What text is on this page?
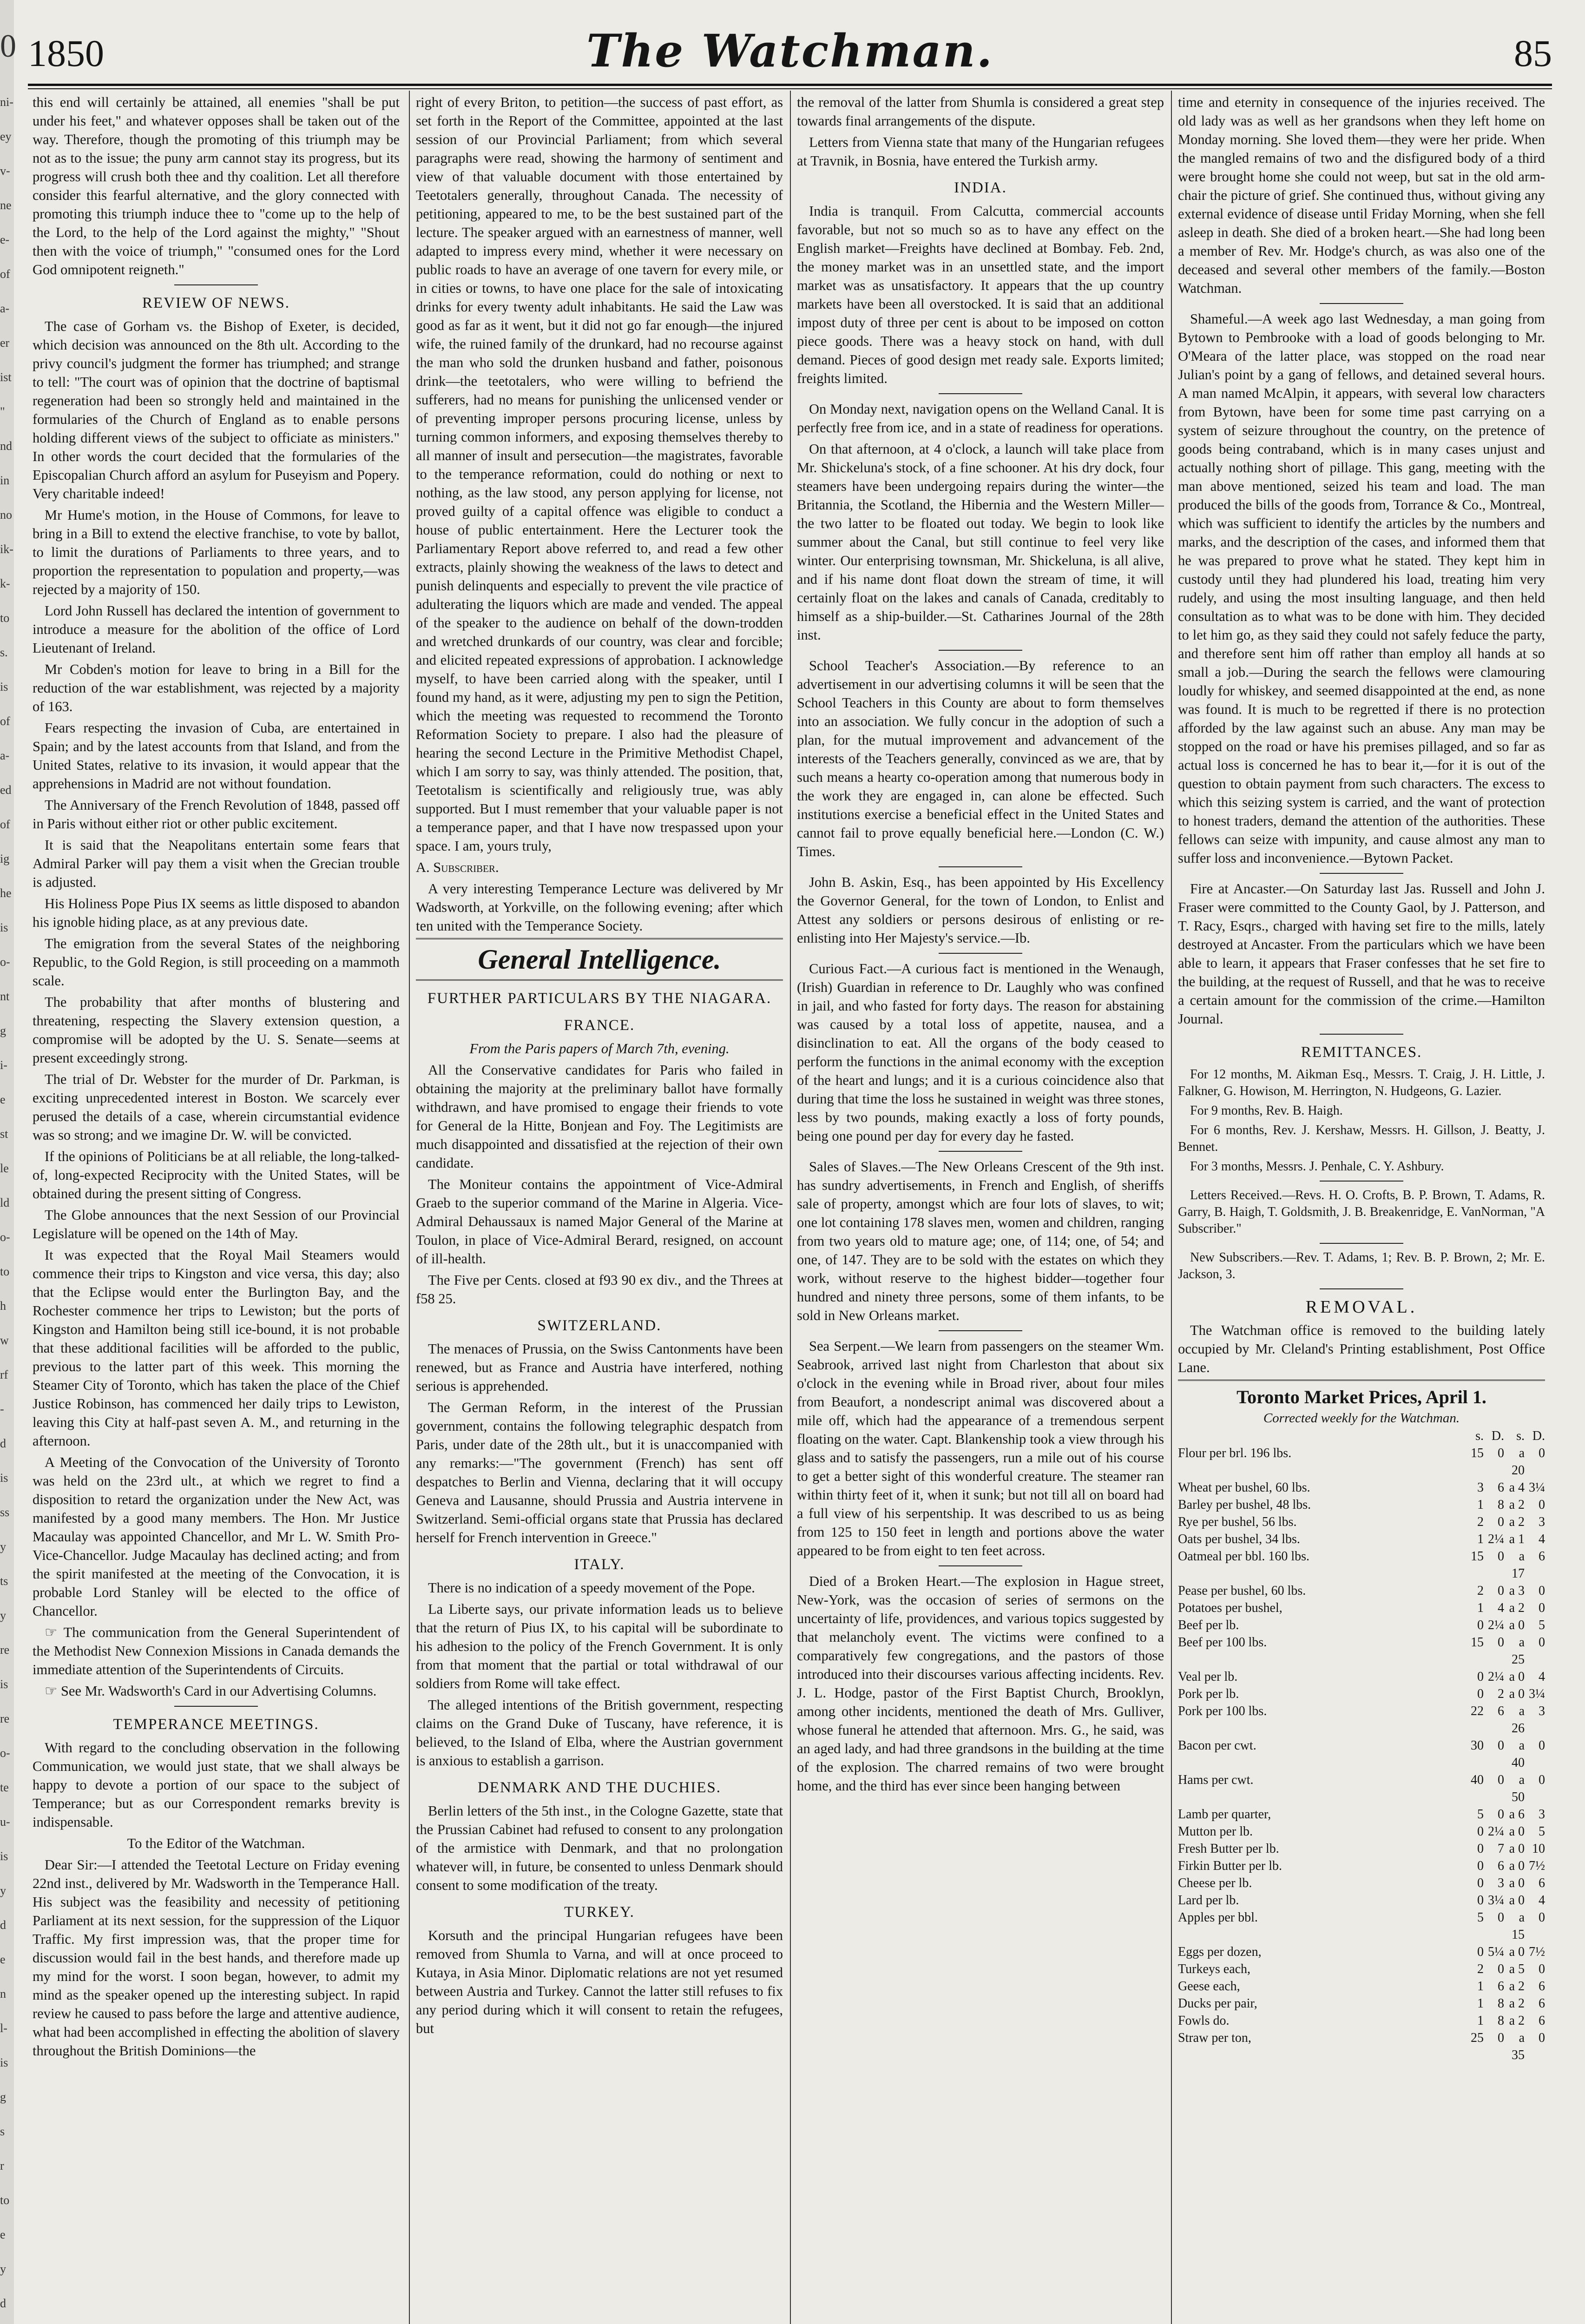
0
ni-
ey
v-
ne
e-
of
a-
er
ist
"
nd
in
no
ik-
k-
to
s.
is
of
a-
ed
of
ig
he
is
o-
nt
g
i-
e
st
le
ld
o-
to
h
w
rf
-
d
is
ss
y
ts
y
re
is
re
o-
te
u-
is
y
d
e
n
l-
is
g
s
r
to
e
y
d
1850	The Watchman.	85

this end will certainly be attained, all enemies "shall be put under his feet," and whatever opposes shall be taken out of the way. Therefore, though the promoting of this triumph may be not as to the issue; the puny arm cannot stay its progress, but its progress will crush both thee and thy coalition. Let all therefore consider this fearful alternative, and the glory connected with promoting this triumph induce thee to "come up to the help of the Lord, to the help of the Lord against the mighty," "Shout then with the voice of triumph," "consumed ones for the Lord God omnipotent reigneth."

REVIEW OF NEWS.

The case of Gorham vs. the Bishop of Exeter, is decided, which decision was announced on the 8th ult. According to the privy council's judgment the former has triumphed; and strange to tell: "The court was of opinion that the doctrine of baptismal regeneration had been so strongly held and maintained in the formularies of the Church of England as to enable persons holding different views of the subject to officiate as ministers." In other words the court decided that the formularies of the Episcopalian Church afford an asylum for Puseyism and Popery. Very charitable indeed!

Mr Hume's motion, in the House of Commons, for leave to bring in a Bill to extend the elective franchise, to vote by ballot, to limit the durations of Parliaments to three years, and to proportion the representation to population and property,—was rejected by a majority of 150.

Lord John Russell has declared the intention of government to introduce a measure for the abolition of the office of Lord Lieutenant of Ireland.

Mr Cobden's motion for leave to bring in a Bill for the reduction of the war establishment, was rejected by a majority of 163.

Fears respecting the invasion of Cuba, are entertained in Spain; and by the latest accounts from that Island, and from the United States, relative to its invasion, it would appear that the apprehensions in Madrid are not without foundation.

The Anniversary of the French Revolution of 1848, passed off in Paris without either riot or other public excitement.

It is said that the Neapolitans entertain some fears that Admiral Parker will pay them a visit when the Grecian trouble is adjusted.

His Holiness Pope Pius IX seems as little disposed to abandon his ignoble hiding place, as at any previous date.

The emigration from the several States of the neighboring Republic, to the Gold Region, is still proceeding on a mammoth scale.

The probability that after months of blustering and threatening, respecting the Slavery extension question, a compromise will be adopted by the U. S. Senate—seems at present exceedingly strong.

The trial of Dr. Webster for the murder of Dr. Parkman, is exciting unprecedented interest in Boston. We scarcely ever perused the details of a case, wherein circumstantial evidence was so strong; and we imagine Dr. W. will be convicted.

If the opinions of Politicians be at all reliable, the long-talked-of, long-expected Reciprocity with the United States, will be obtained during the present sitting of Congress.

The Globe announces that the next Session of our Provincial Legislature will be opened on the 14th of May.

It was expected that the Royal Mail Steamers would commence their trips to Kingston and vice versa, this day; also that the Eclipse would enter the Burlington Bay, and the Rochester commence her trips to Lewiston; but the ports of Kingston and Hamilton being still ice-bound, it is not probable that these additional facilities will be afforded to the public, previous to the latter part of this week. This morning the Steamer City of Toronto, which has taken the place of the Chief Justice Robinson, has commenced her daily trips to Lewiston, leaving this City at half-past seven A. M., and returning in the afternoon.

A Meeting of the Convocation of the University of Toronto was held on the 23rd ult., at which we regret to find a disposition to retard the organization under the New Act, was manifested by a good many members. The Hon. Mr Justice Macaulay was appointed Chancellor, and Mr L. W. Smith Pro-Vice-Chancellor. Judge Macaulay has declined acting; and from the spirit manifested at the meeting of the Convocation, it is probable Lord Stanley will be elected to the office of Chancellor.

☞ The communication from the General Superintendent of the Methodist New Connexion Missions in Canada demands the immediate attention of the Superintendents of Circuits.

☞ See Mr. Wadsworth's Card in our Advertising Columns.

TEMPERANCE MEETINGS.

With regard to the concluding observation in the following Communication, we would just state, that we shall always be happy to devote a portion of our space to the subject of Temperance; but as our Correspondent remarks brevity is indispensable.

To the Editor of the Watchman.

Dear Sir:—I attended the Teetotal Lecture on Friday evening 22nd inst., delivered by Mr. Wadsworth in the Temperance Hall. His subject was the feasibility and necessity of petitioning Parliament at its next session, for the suppression of the Liquor Traffic. My first impression was, that the proper time for discussion would fail in the best hands, and therefore made up my mind for the worst. I soon began, however, to admit my mind as the speaker opened up the interesting subject. In rapid review he caused to pass before the large and attentive audience, what had been accomplished in effecting the abolition of slavery throughout the British Dominions—the

right of every Briton, to petition—the success of past effort, as set forth in the Report of the Committee, appointed at the last session of our Provincial Parliament; from which several paragraphs were read, showing the harmony of sentiment and view of that valuable document with those entertained by Teetotalers generally, throughout Canada. The necessity of petitioning, appeared to me, to be the best sustained part of the lecture. The speaker argued with an earnestness of manner, well adapted to impress every mind, whether it were necessary on public roads to have an average of one tavern for every mile, or in cities or towns, to have one place for the sale of intoxicating drinks for every twenty adult inhabitants. He said the Law was good as far as it went, but it did not go far enough—the injured wife, the ruined family of the drunkard, had no recourse against the man who sold the drunken husband and father, poisonous drink—the teetotalers, who were willing to befriend the sufferers, had no means for punishing the unlicensed vender or of preventing improper persons procuring license, unless by turning common informers, and exposing themselves thereby to all manner of insult and persecution—the magistrates, favorable to the temperance reformation, could do nothing or next to nothing, as the law stood, any person applying for license, not proved guilty of a capital offence was eligible to conduct a house of public entertainment. Here the Lecturer took the Parliamentary Report above referred to, and read a few other extracts, plainly showing the weakness of the laws to detect and punish delinquents and especially to prevent the vile practice of adulterating the liquors which are made and vended. The appeal of the speaker to the audience on behalf of the down-trodden and wretched drunkards of our country, was clear and forcible; and elicited repeated expressions of approbation. I acknowledge myself, to have been carried along with the speaker, until I found my hand, as it were, adjusting my pen to sign the Petition, which the meeting was requested to recommend the Toronto Reformation Society to prepare. I also had the pleasure of hearing the second Lecture in the Primitive Methodist Chapel, which I am sorry to say, was thinly attended. The position, that, Teetotalism is scientifically and religiously true, was ably supported. But I must remember that your valuable paper is not a temperance paper, and that I have now trespassed upon your space. I am, yours truly,

A. Subscriber.

A very interesting Temperance Lecture was delivered by Mr Wadsworth, at Yorkville, on the following evening; after which ten united with the Temperance Society.

General Intelligence.
FURTHER PARTICULARS BY THE NIAGARA.
FRANCE.

From the Paris papers of March 7th, evening.

All the Conservative candidates for Paris who failed in obtaining the majority at the preliminary ballot have formally withdrawn, and have promised to engage their friends to vote for General de la Hitte, Bonjean and Foy. The Legitimists are much disappointed and dissatisfied at the rejection of their own candidate.

The Moniteur contains the appointment of Vice-Admiral Graeb to the superior command of the Marine in Algeria. Vice-Admiral Dehaussaux is named Major General of the Marine at Toulon, in place of Vice-Admiral Berard, resigned, on account of ill-health.

The Five per Cents. closed at f93 90 ex div., and the Threes at f58 25.

SWITZERLAND.

The menaces of Prussia, on the Swiss Cantonments have been renewed, but as France and Austria have interfered, nothing serious is apprehended.

The German Reform, in the interest of the Prussian government, contains the following telegraphic despatch from Paris, under date of the 28th ult., but it is unaccompanied with any remarks:—"The government (French) has sent off despatches to Berlin and Vienna, declaring that it will occupy Geneva and Lausanne, should Prussia and Austria intervene in Switzerland. Semi-official organs state that Prussia has declared herself for French intervention in Greece."

ITALY.

There is no indication of a speedy movement of the Pope.

La Liberte says, our private information leads us to believe that the return of Pius IX, to his capital will be subordinate to his adhesion to the policy of the French Government. It is only from that moment that the partial or total withdrawal of our soldiers from Rome will take effect.

The alleged intentions of the British government, respecting claims on the Grand Duke of Tuscany, have reference, it is believed, to the Island of Elba, where the Austrian government is anxious to establish a garrison.

DENMARK AND THE DUCHIES.

Berlin letters of the 5th inst., in the Cologne Gazette, state that the Prussian Cabinet had refused to consent to any prolongation of the armistice with Denmark, and that no prolongation whatever will, in future, be consented to unless Denmark should consent to some modification of the treaty.

TURKEY.

Korsuth and the principal Hungarian refugees have been removed from Shumla to Varna, and will at once proceed to Kutaya, in Asia Minor. Diplomatic relations are not yet resumed between Austria and Turkey. Cannot the latter still refuses to fix any period during which it will consent to retain the refugees, but

the removal of the latter from Shumla is considered a great step towards final arrangements of the dispute.

Letters from Vienna state that many of the Hungarian refugees at Travnik, in Bosnia, have entered the Turkish army.

INDIA.

India is tranquil. From Calcutta, commercial accounts favorable, but not so much so as to have any effect on the English market—Freights have declined at Bombay. Feb. 2nd, the money market was in an unsettled state, and the import market was as unsatisfactory. It appears that the up country markets have been all overstocked. It is said that an additional impost duty of three per cent is about to be imposed on cotton piece goods. There was a heavy stock on hand, with dull demand. Pieces of good design met ready sale. Exports limited; freights limited.

On Monday next, navigation opens on the Welland Canal. It is perfectly free from ice, and in a state of readiness for operations.

On that afternoon, at 4 o'clock, a launch will take place from Mr. Shickeluna's stock, of a fine schooner. At his dry dock, four steamers have been undergoing repairs during the winter—the Britannia, the Scotland, the Hibernia and the Western Miller—the two latter to be floated out today. We begin to look like summer about the Canal, but still continue to feel very like winter. Our enterprising townsman, Mr. Shickeluna, is all alive, and if his name dont float down the stream of time, it will certainly float on the lakes and canals of Canada, creditably to himself as a ship-builder.—St. Catharines Journal of the 28th inst.

School Teacher's Association.—By reference to an advertisement in our advertising columns it will be seen that the School Teachers in this County are about to form themselves into an association. We fully concur in the adoption of such a plan, for the mutual improvement and advancement of the interests of the Teachers generally, convinced as we are, that by such means a hearty co-operation among that numerous body in the work they are engaged in, can alone be effected. Such institutions exercise a beneficial effect in the United States and cannot fail to prove equally beneficial here.—London (C. W.) Times.

John B. Askin, Esq., has been appointed by His Excellency the Governor General, for the town of London, to Enlist and Attest any soldiers or persons desirous of enlisting or re-enlisting into Her Majesty's service.—Ib.

Curious Fact.—A curious fact is mentioned in the Wenaugh, (Irish) Guardian in reference to Dr. Laughly who was confined in jail, and who fasted for forty days. The reason for abstaining was caused by a total loss of appetite, nausea, and a disinclination to eat. All the organs of the body ceased to perform the functions in the animal economy with the exception of the heart and lungs; and it is a curious coincidence also that during that time the loss he sustained in weight was three stones, less by two pounds, making exactly a loss of forty pounds, being one pound per day for every day he fasted.

Sales of Slaves.—The New Orleans Crescent of the 9th inst. has sundry advertisements, in French and English, of sheriffs sale of property, amongst which are four lots of slaves, to wit; one lot containing 178 slaves men, women and children, ranging from two years old to mature age; one, of 114; one, of 54; and one, of 147. They are to be sold with the estates on which they work, without reserve to the highest bidder—together four hundred and ninety three persons, some of them infants, to be sold in New Orleans market.

Sea Serpent.—We learn from passengers on the steamer Wm. Seabrook, arrived last night from Charleston that about six o'clock in the evening while in Broad river, about four miles from Beaufort, a nondescript animal was discovered about a mile off, which had the appearance of a tremendous serpent floating on the water. Capt. Blankenship took a view through his glass and to satisfy the passengers, run a mile out of his course to get a better sight of this wonderful creature. The steamer ran within thirty feet of it, when it sunk; but not till all on board had a full view of his serpentship. It was described to us as being from 125 to 150 feet in length and portions above the water appeared to be from eight to ten feet across.

Died of a Broken Heart.—The explosion in Hague street, New-York, was the occasion of series of sermons on the uncertainty of life, providences, and various topics suggested by that melancholy event. The victims were confined to a comparatively few congregations, and the pastors of those introduced into their discourses various affecting incidents. Rev. J. L. Hodge, pastor of the First Baptist Church, Brooklyn, among other incidents, mentioned the death of Mrs. Gulliver, whose funeral he attended that afternoon. Mrs. G., he said, was an aged lady, and had three grandsons in the building at the time of the explosion. The charred remains of two were brought home, and the third has ever since been hanging between

time and eternity in consequence of the injuries received. The old lady was as well as her grandsons when they left home on Monday morning. She loved them—they were her pride. When the mangled remains of two and the disfigured body of a third were brought home she could not weep, but sat in the old arm-chair the picture of grief. She continued thus, without giving any external evidence of disease until Friday Morning, when she fell asleep in death. She died of a broken heart.—She had long been a member of Rev. Mr. Hodge's church, as was also one of the deceased and several other members of the family.—Boston Watchman.

Shameful.—A week ago last Wednesday, a man going from Bytown to Pembrooke with a load of goods belonging to Mr. O'Meara of the latter place, was stopped on the road near Julian's point by a gang of fellows, and detained several hours. A man named McAlpin, it appears, with several low characters from Bytown, have been for some time past carrying on a system of seizure throughout the country, on the pretence of goods being contraband, which is in many cases unjust and actually nothing short of pillage. This gang, meeting with the man above mentioned, seized his team and load. The man produced the bills of the goods from, Torrance & Co., Montreal, which was sufficient to identify the articles by the numbers and marks, and the description of the cases, and informed them that he was prepared to prove what he stated. They kept him in custody until they had plundered his load, treating him very rudely, and using the most insulting language, and then held consultation as to what was to be done with him. They decided to let him go, as they said they could not safely feduce the party, and therefore sent him off rather than employ all hands at so small a job.—During the search the fellows were clamouring loudly for whiskey, and seemed disappointed at the end, as none was found. It is much to be regretted if there is no protection afforded by the law against such an abuse. Any man may be stopped on the road or have his premises pillaged, and so far as actual loss is concerned he has to bear it,—for it is out of the question to obtain payment from such characters. The excess to which this seizing system is carried, and the want of protection to honest traders, demand the attention of the authorities. These fellows can seize with impunity, and cause almost any man to suffer loss and inconvenience.—Bytown Packet.

Fire at Ancaster.—On Saturday last Jas. Russell and John J. Fraser were committed to the County Gaol, by J. Patterson, and T. Racy, Esqrs., charged with having set fire to the mills, lately destroyed at Ancaster. From the particulars which we have been able to learn, it appears that Fraser confesses that he set fire to the building, at the request of Russell, and that he was to receive a certain amount for the commission of the crime.—Hamilton Journal.

REMITTANCES.

For 12 months, M. Aikman Esq., Messrs. T. Craig, J. H. Little, J. Falkner, G. Howison, M. Herrington, N. Hudgeons, G. Lazier.

For 9 months, Rev. B. Haigh.

For 6 months, Rev. J. Kershaw, Messrs. H. Gillson, J. Beatty, J. Bennet.

For 3 months, Messrs. J. Penhale, C. Y. Ashbury.

Letters Received.—Revs. H. O. Crofts, B. P. Brown, T. Adams, R. Garry, B. Haigh, T. Goldsmith, J. B. Breakenridge, E. VanNorman, "A Subscriber."

New Subscribers.—Rev. T. Adams, 1; Rev. B. P. Brown, 2; Mr. E. Jackson, 3.

REMOVAL.

The Watchman office is removed to the building lately occupied by Mr. Cleland's Printing establishment, Post Office Lane.

Toronto Market Prices, April 1.
Corrected weekly for the Watchman.
	s.	D.	s.	D.
Flour per brl. 196 lbs.	15	0	a 20	0
Wheat per bushel, 60 lbs.	3	6	a 4	3¼
Barley per bushel, 48 lbs.	1	8	a 2	0
Rye per bushel, 56 lbs.	2	0	a 2	3
Oats per bushel, 34 lbs.	1	2¼	a 1	4
Oatmeal per bbl. 160 lbs.	15	0	a 17	6
Pease per bushel, 60 lbs.	2	0	a 3	0
Potatoes per bushel,	1	4	a 2	0
Beef per lb.	0	2¼	a 0	5
Beef per 100 lbs.	15	0	a 25	0
Veal per lb.	0	2¼	a 0	4
Pork per lb.	0	2	a 0	3¼
Pork per 100 lbs.	22	6	a 26	3
Bacon per cwt.	30	0	a 40	0
Hams per cwt.	40	0	a 50	0
Lamb per quarter,	5	0	a 6	3
Mutton per lb.	0	2¼	a 0	5
Fresh Butter per lb.	0	7	a 0	10
Firkin Butter per lb.	0	6	a 0	7½
Cheese per lb.	0	3	a 0	6
Lard per lb.	0	3¼	a 0	4
Apples per bbl.	5	0	a 15	0
Eggs per dozen,	0	5¼	a 0	7½
Turkeys each,	2	0	a 5	0
Geese each,	1	6	a 2	6
Ducks per pair,	1	8	a 2	6
Fowls do.	1	8	a 2	6
Straw per ton,	25	0	a 35	0
